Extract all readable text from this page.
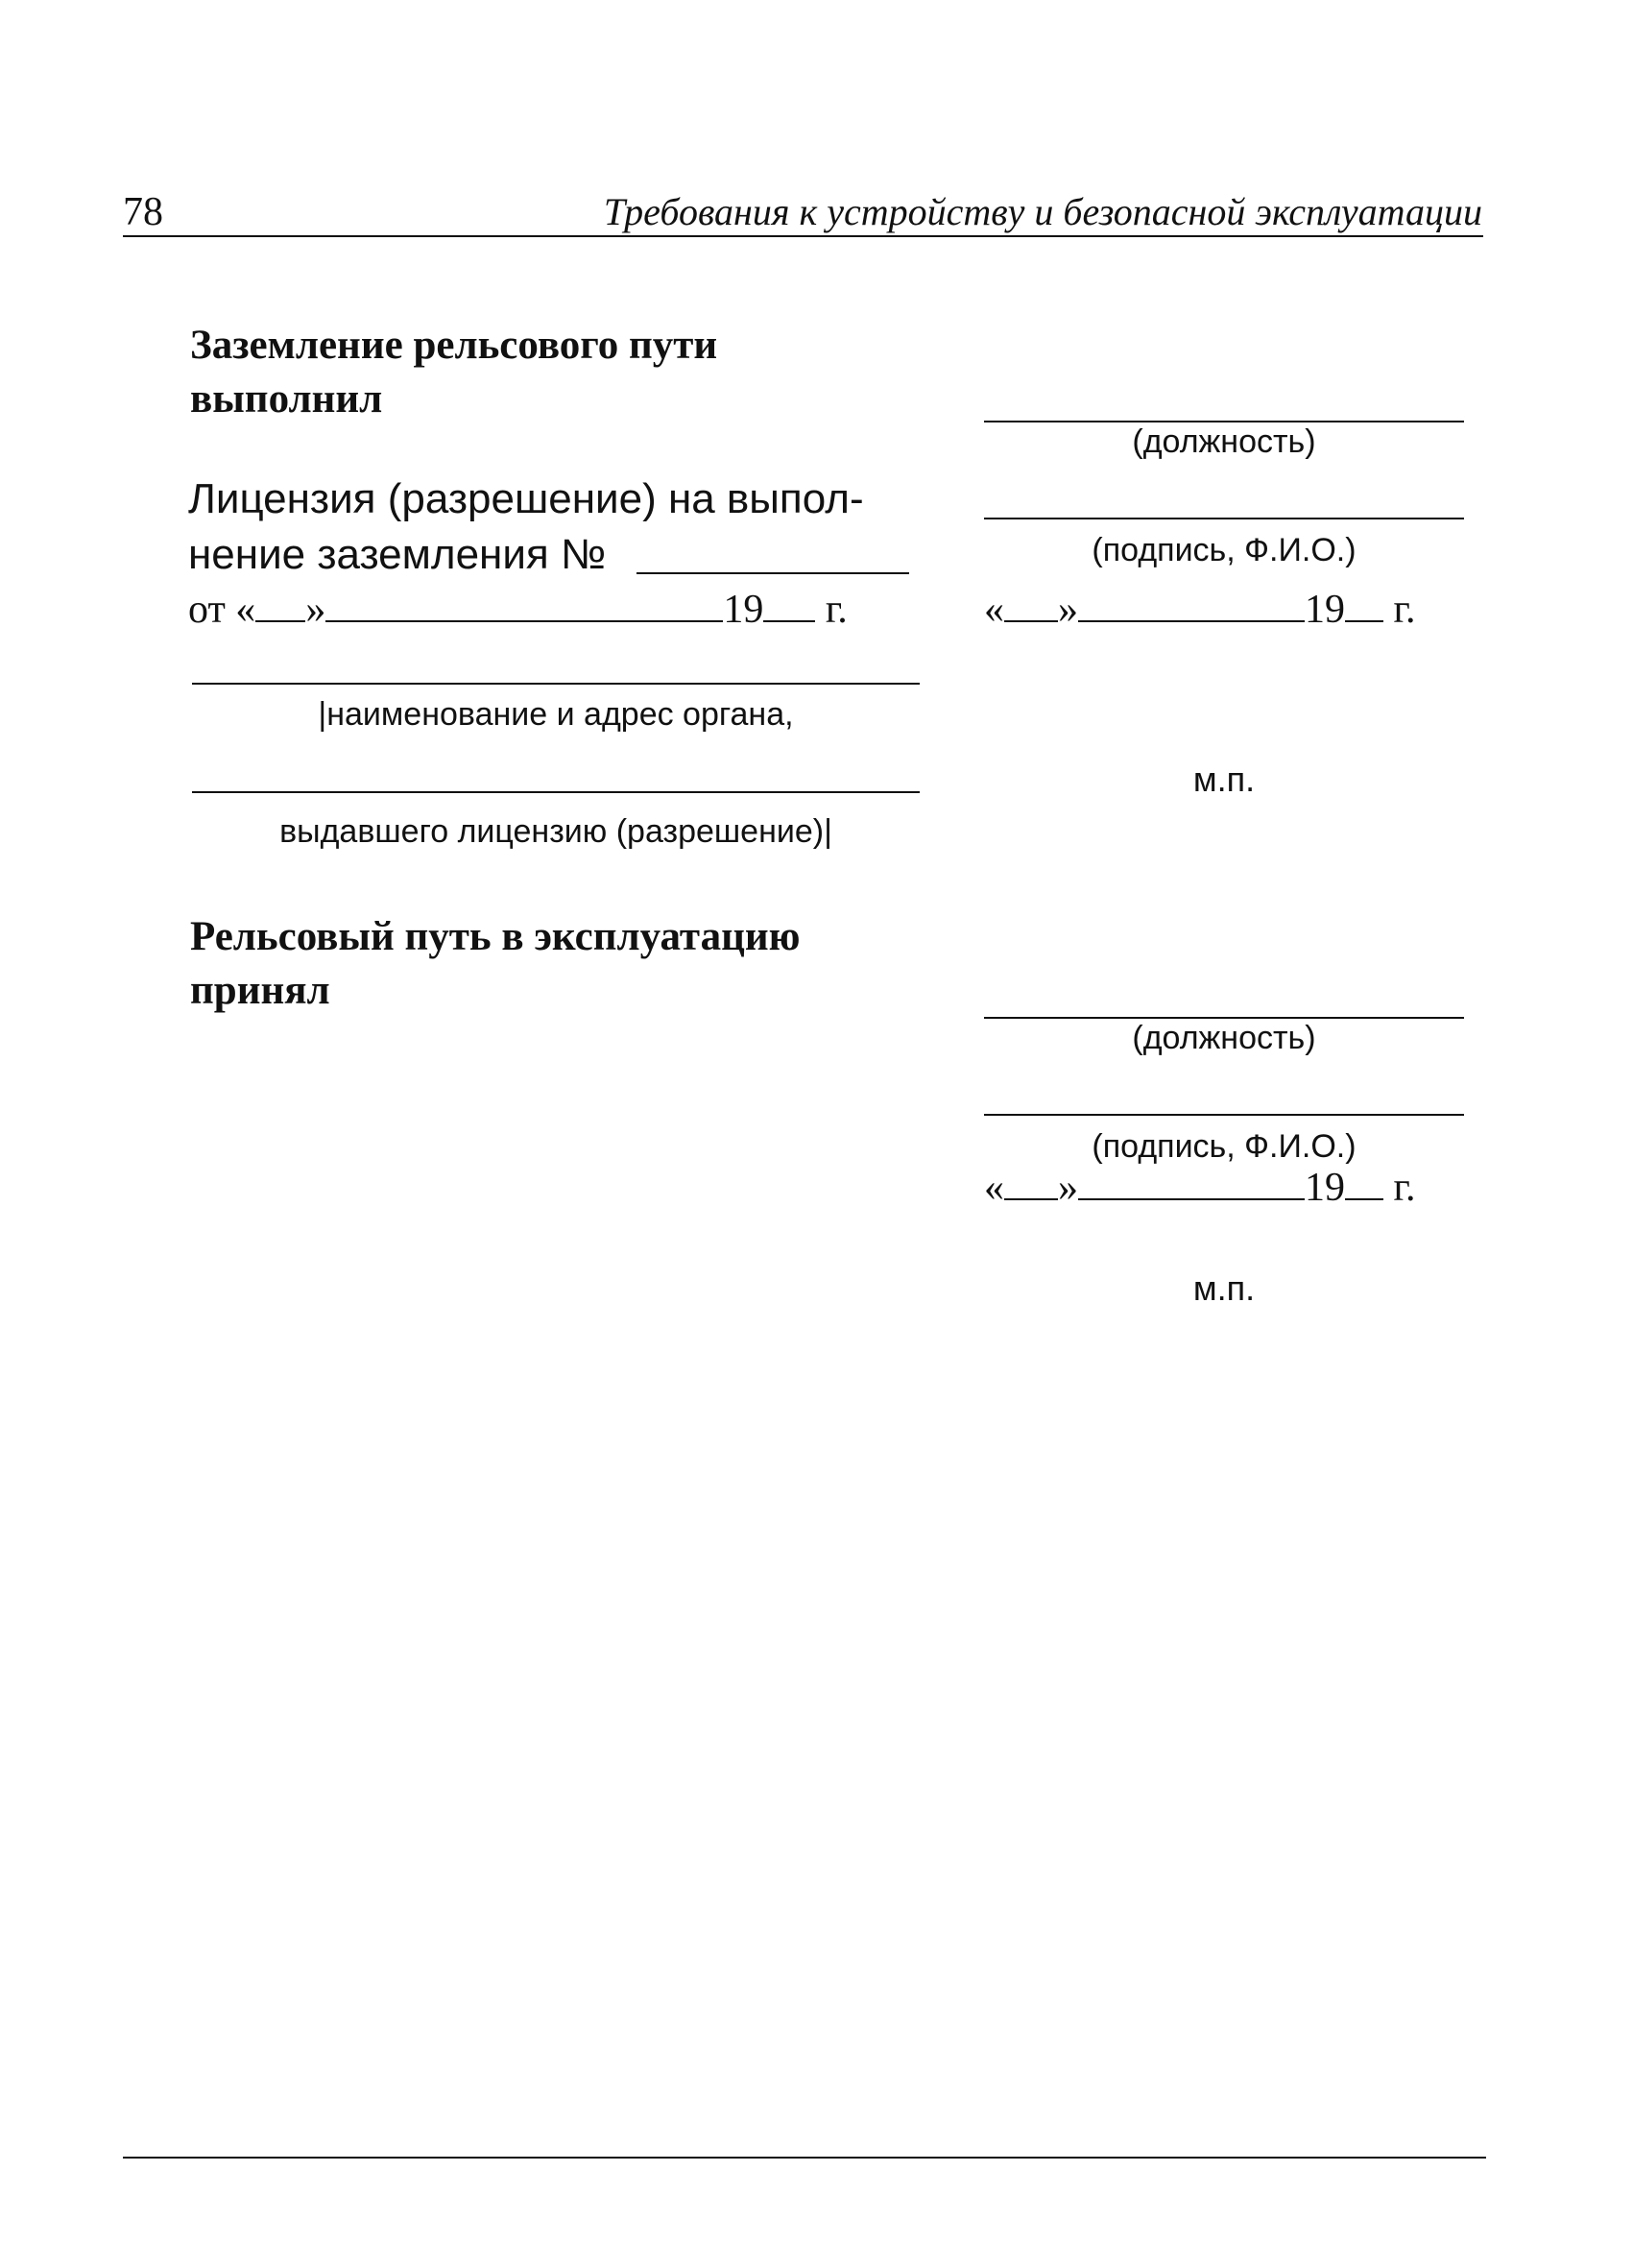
78	Требования к устройству и безопасной эксплуатации
Заземление рельсового пути
выполнил
Лицензия (разрешение) на выпол-
нение заземления №
от « »	19 г.
|наименование и адрес органа,
выдавшего лицензию (разрешение)|
(должность)
(подпись, Ф.И.О.)
« »	19 г.
м.п.
Рельсовый путь в эксплуатацию
принял
(должность)
(подпись, Ф.И.О.)
« »	19 г.
м.п.
